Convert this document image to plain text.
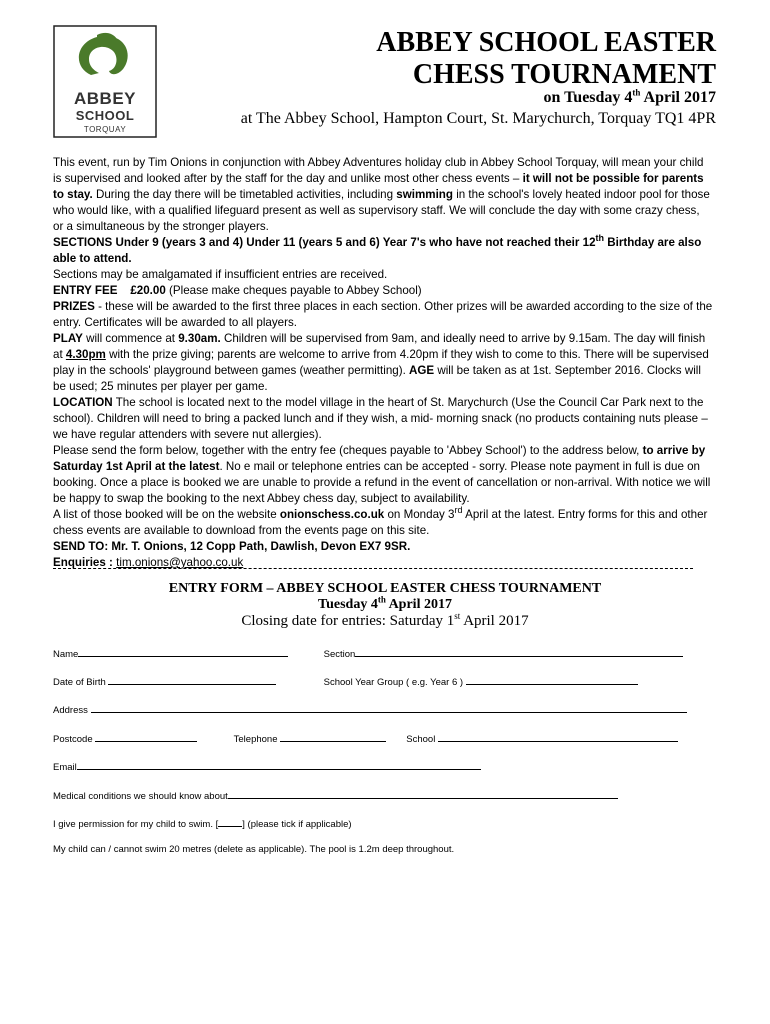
ABBEY
SCHOOL
TORQUAY
ABBEY SCHOOL EASTER
CHESS TOURNAMENT
on Tuesday 4th April 2017
at The Abbey School, Hampton Court, St. Marychurch, Torquay TQ1 4PR

This event, run by Tim Onions in conjunction with Abbey Adventures holiday club in Abbey School Torquay, will mean your child is supervised and looked after by the staff for the day and unlike most other chess events – it will not be possible for parents to stay. During the day there will be timetabled activities, including swimming in the school's lovely heated indoor pool for those who would like, with a qualified lifeguard present as well as supervisory staff. We will conclude the day with some crazy chess, or a simultaneous by the stronger players.

SECTIONS Under 9 (years 3 and 4) Under 11 (years 5 and 6) Year 7's who have not reached their 12th Birthday are also able to attend.

Sections may be amalgamated if insufficient entries are received.

ENTRY FEE £20.00 (Please make cheques payable to Abbey School)

PRIZES - these will be awarded to the first three places in each section. Other prizes will be awarded according to the size of the entry. Certificates will be awarded to all players.

PLAY will commence at 9.30am. Children will be supervised from 9am, and ideally need to arrive by 9.15am. The day will finish at 4.30pm with the prize giving; parents are welcome to arrive from 4.20pm if they wish to come to this. There will be supervised play in the schools' playground between games (weather permitting). AGE will be taken as at 1st. September 2016. Clocks will be used; 25 minutes per player per game.

LOCATION The school is located next to the model village in the heart of St. Marychurch (Use the Council Car Park next to the school). Children will need to bring a packed lunch and if they wish, a mid- morning snack (no products containing nuts please – we have regular attenders with severe nut allergies).

Please send the form below, together with the entry fee (cheques payable to 'Abbey School') to the address below, to arrive by Saturday 1st April at the latest. No e mail or telephone entries can be accepted - sorry. Please note payment in full is due on booking. Once a place is booked we are unable to provide a refund in the event of cancellation or non-arrival. With notice we will be happy to swap the booking to the next Abbey chess day, subject to availability.

A list of those booked will be on the website onionschess.co.uk on Monday 3rd April at the latest. Entry forms for this and other chess events are available to download from the events page on this site.

SEND TO: Mr. T. Onions, 12 Copp Path, Dawlish, Devon EX7 9SR.

Enquiries : tim.onions@yahoo.co.uk

ENTRY FORM – ABBEY SCHOOL EASTER CHESS TOURNAMENT
Tuesday 4th April 2017
Closing date for entries: Saturday 1st April 2017
Name	Section
Date of Birth	School Year Group ( e.g. Year 6 )
Address
Postcode	Telephone	School
Email
Medical conditions we should know about
I give permission for my child to swim. [	] (please tick if applicable)
My child can / cannot swim 20 metres (delete as applicable). The pool is 1.2m deep throughout.
